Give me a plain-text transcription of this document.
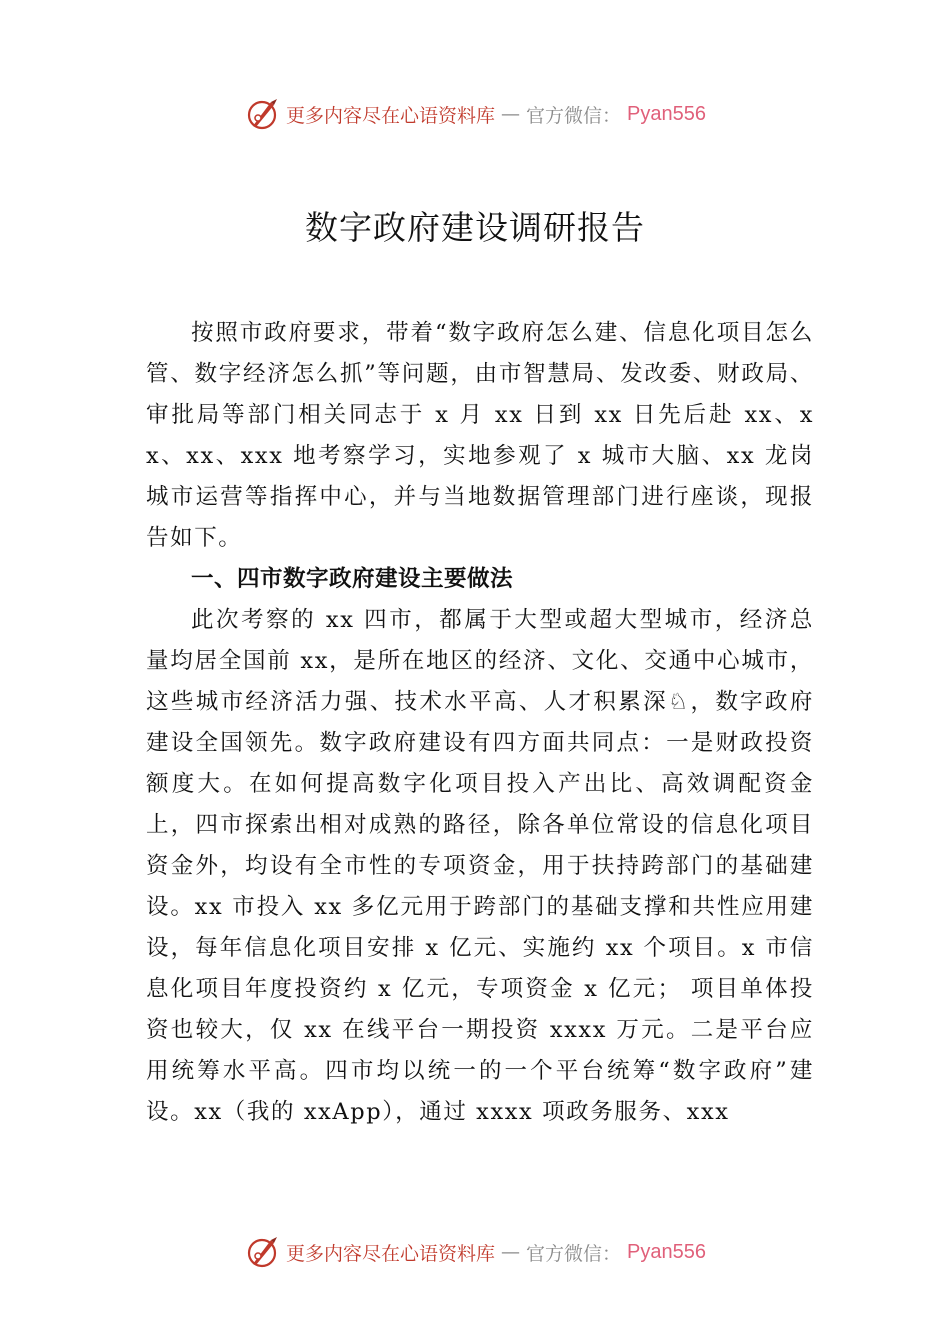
更多内容尽在心语资料库 — 官方微信： Pyan556
数字政府建设调研报告

按照市政府要求，带着“数字政府怎么建、信息化项目怎么管、数字经济怎么抓”等问题，由市智慧局、发改委、财政局、审批局等部门相关同志于 x 月 xx 日到 xx 日先后赴 xx、xx、xx、xxx 地考察学习，实地参观了 x 城市大脑、xx 龙岗城市运营等指挥中心，并与当地数据管理部门进行座谈，现报告如下。

一、四市数字政府建设主要做法

此次考察的 xx 四市，都属于大型或超大型城市，经济总量均居全国前 xx，是所在地区的经济、文化、交通中心城市，这些城市经济活力强、技术水平高、人才积累深♘，数字政府建设全国领先。数字政府建设有四方面共同点：一是财政投资额度大。在如何提高数字化项目投入产出比、高效调配资金上，四市探索出相对成熟的路径，除各单位常设的信息化项目资金外，均设有全市性的专项资金，用于扶持跨部门的基础建设。xx 市投入 xx 多亿元用于跨部门的基础支撑和共性应用建设，每年信息化项目安排 x 亿元、实施约 xx 个项目。x 市信息化项目年度投资约 x 亿元，专项资金 x 亿元； 项目单体投资也较大，仅 xx 在线平台一期投资 xxxx 万元。二是平台应用统筹水平高。四市均以统一的一个平台统筹“数字政府”建设。xx（我的 xxApp），通过 xxxx 项政务服务、xxx

更多内容尽在心语资料库 — 官方微信： Pyan556
